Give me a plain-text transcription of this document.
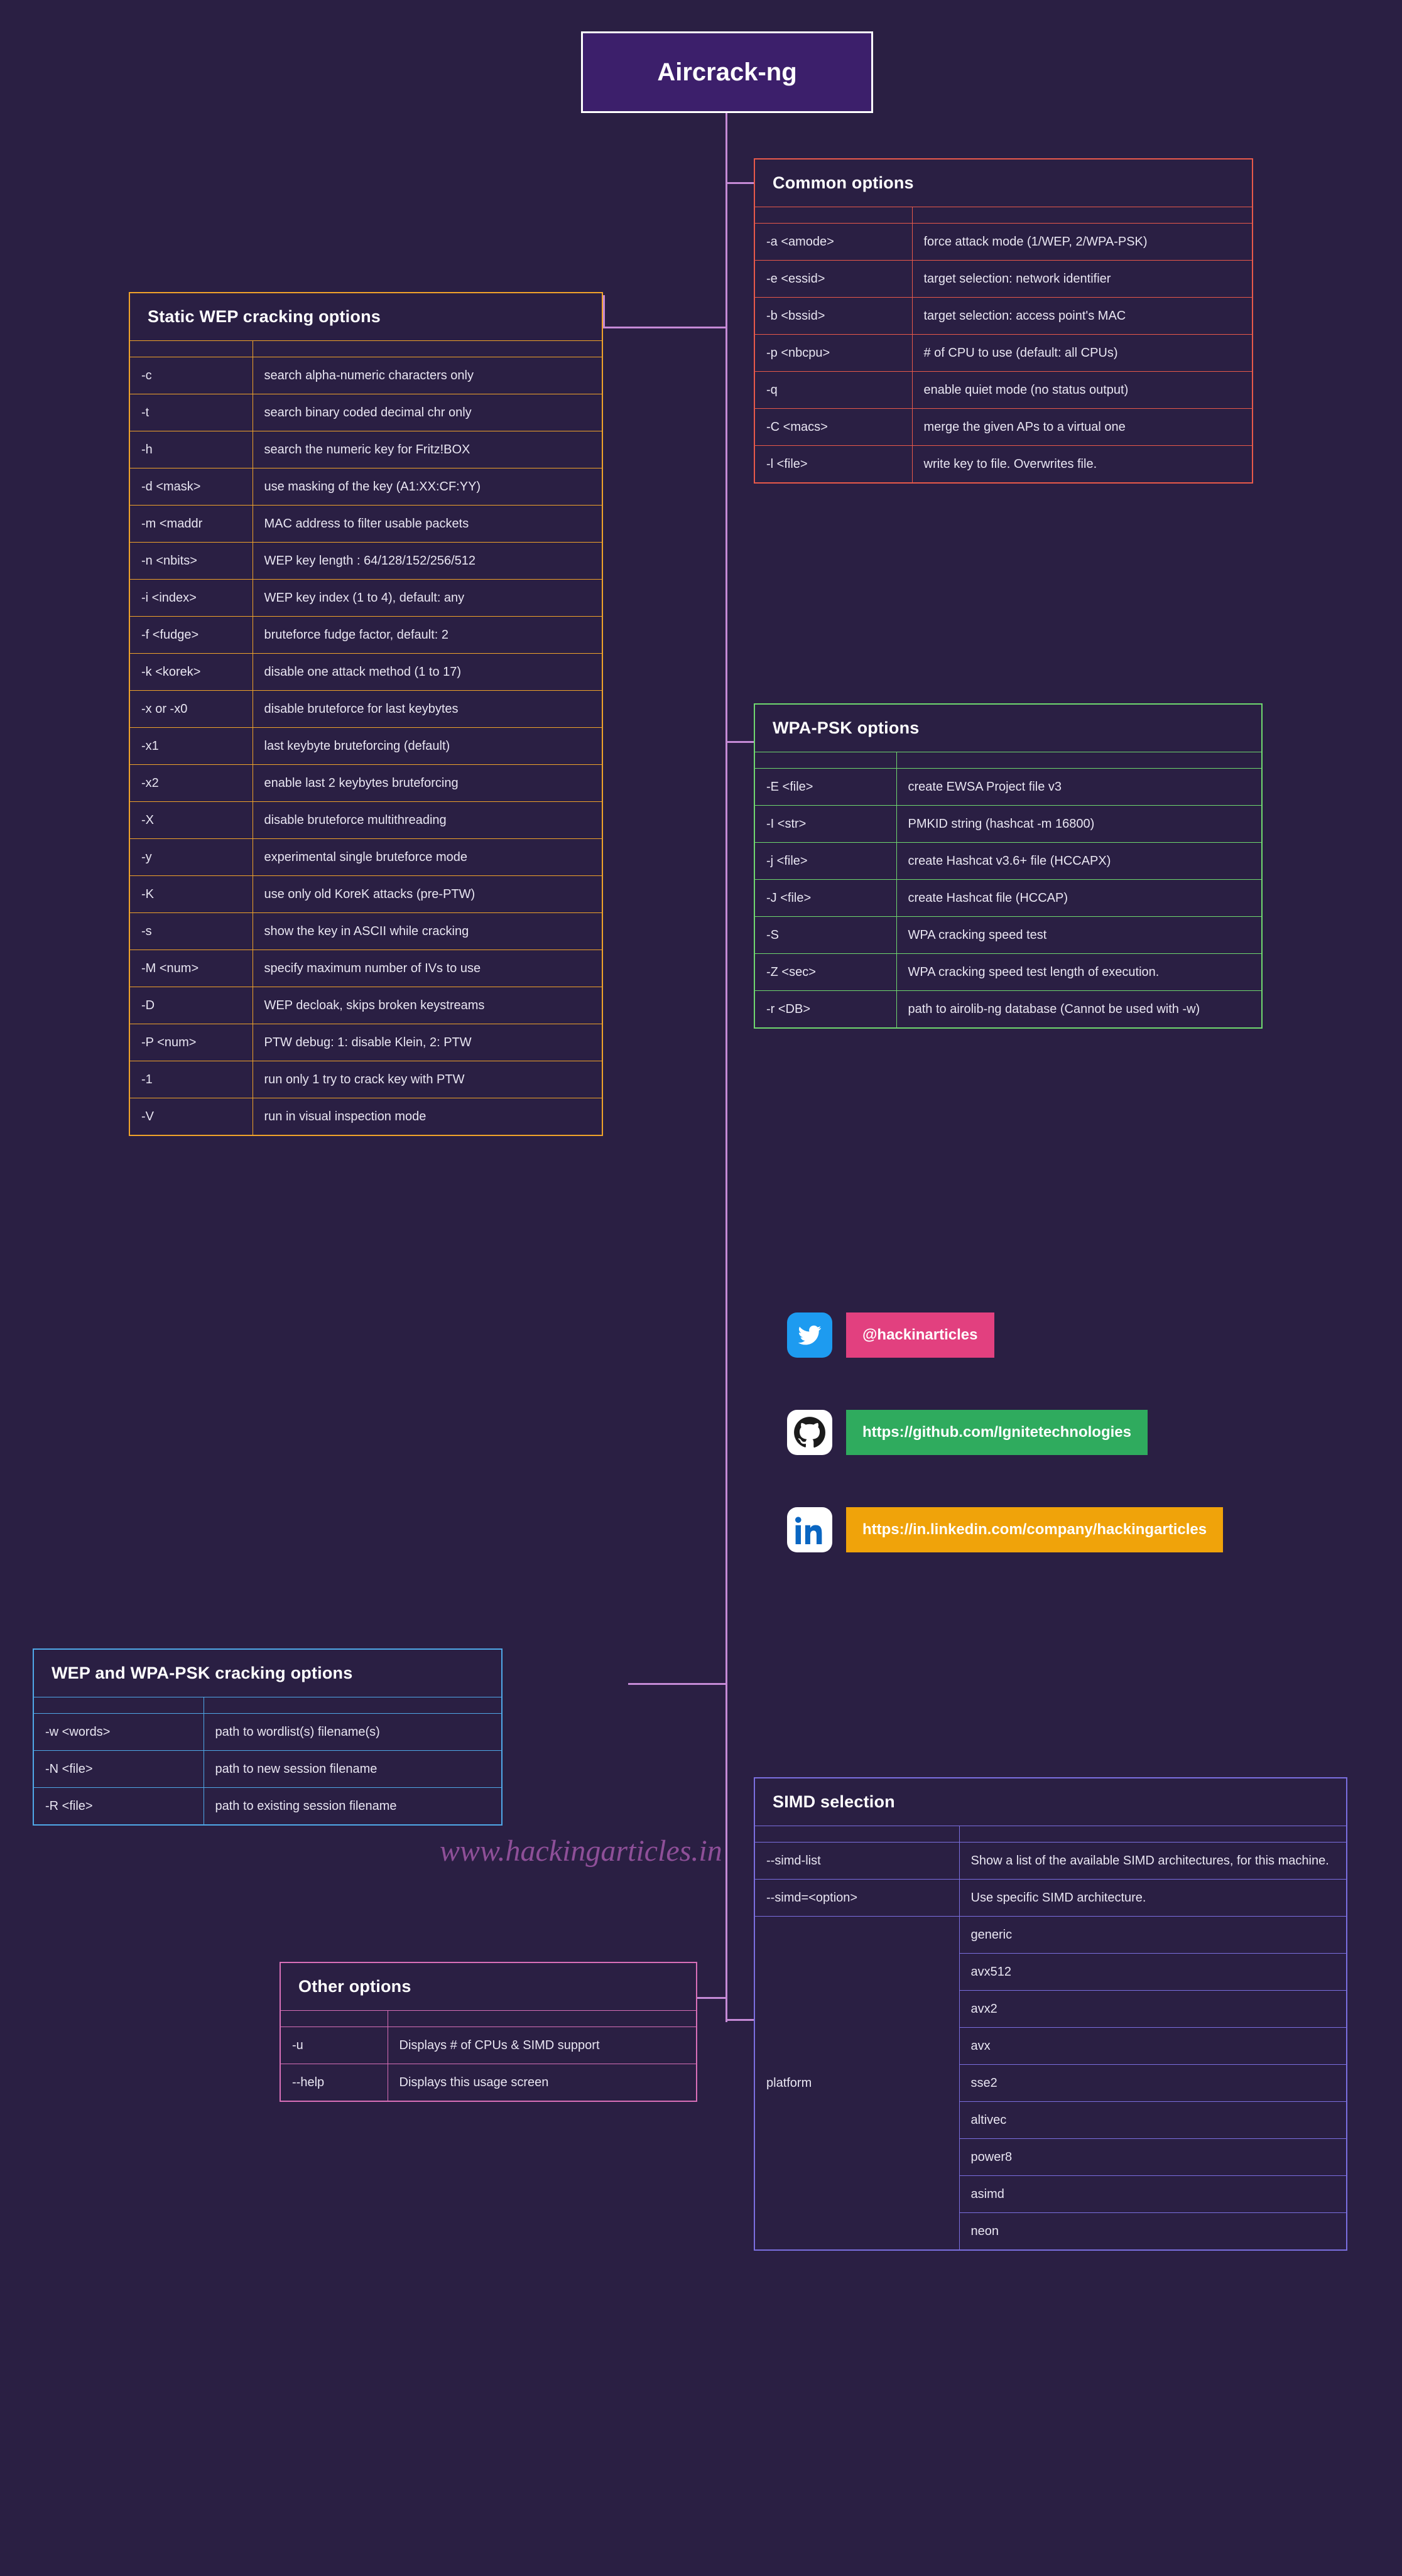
Aircrack-ng
Common options

-a <amode>	force attack mode (1/WEP, 2/WPA-PSK)
-e <essid>	target selection: network identifier
-b <bssid>	target selection: access point's MAC
-p <nbcpu>	# of CPU to use (default: all CPUs)
-q	enable quiet mode (no status output)
-C <macs>	merge the given APs to a virtual one
-l <file>	write key to file. Overwrites file.
WPA-PSK options

-E <file>	create EWSA Project file v3
-I <str>	PMKID string (hashcat -m 16800)
-j <file>	create Hashcat v3.6+ file (HCCAPX)
-J <file>	create Hashcat file (HCCAP)
-S	WPA cracking speed test
-Z <sec>	WPA cracking speed test length of execution.
-r <DB>	path to airolib-ng database (Cannot be used with -w)
Static WEP cracking options

-c	search alpha-numeric characters only
-t	search binary coded decimal chr only
-h	search the numeric key for Fritz!BOX
-d <mask>	use masking of the key (A1:XX:CF:YY)
-m <maddr	MAC address to filter usable packets
-n <nbits>	WEP key length : 64/128/152/256/512
-i <index>	WEP key index (1 to 4), default: any
-f <fudge>	bruteforce fudge factor, default: 2
-k <korek>	disable one attack method (1 to 17)
-x or -x0	disable bruteforce for last keybytes
-x1	last keybyte bruteforcing (default)
-x2	enable last 2 keybytes bruteforcing
-X	disable bruteforce multithreading
-y	experimental single bruteforce mode
-K	use only old KoreK attacks (pre-PTW)
-s	show the key in ASCII while cracking
-M <num>	specify maximum number of IVs to use
-D	WEP decloak, skips broken keystreams
-P <num>	PTW debug: 1: disable Klein, 2: PTW
-1	run only 1 try to crack key with PTW
-V	run in visual inspection mode
WEP and WPA-PSK cracking options

-w <words>	path to wordlist(s) filename(s)
-N <file>	path to new session filename
-R <file>	path to existing session filename
Other options

-u	Displays # of CPUs & SIMD support
--help	Displays this usage screen
SIMD selection

--simd-list	Show a list of the available SIMD architectures, for this machine.
--simd=<option>	Use specific SIMD architecture.
platform	generic
	avx512
	avx2
	avx
	sse2
	altivec
	power8
	asimd
	neon
@hackinarticles
https://github.com/Ignitetechnologies
https://in.linkedin.com/company/hackingarticles
www.hackingarticles.in
